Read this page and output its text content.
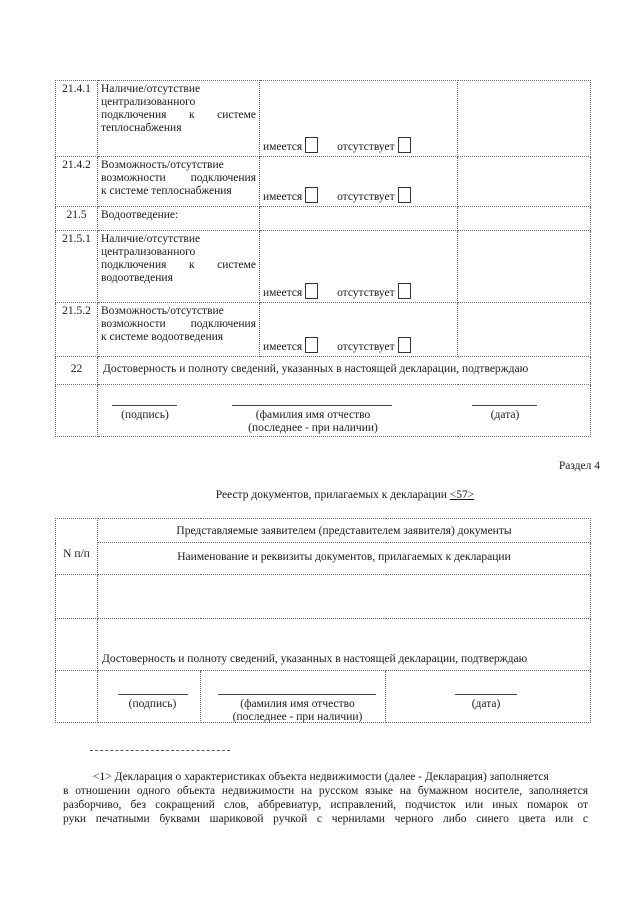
21.4.1	Наличие/отсутствие
централизованного
подключения к системе
теплоснабжения	имеется отсутствует	
21.4.2	Возможность/отсутствие
возможности подключения
к системе теплоснабжения	имеется отсутствует	
21.5	Водоотведение:		
21.5.1	Наличие/отсутствие
централизованного
подключения к системе
водоотведения	имеется отсутствует	
21.5.2	Возможность/отсутствие
возможности подключения
к системе водоотведения	имеется отсутствует	
22	Достоверность и полноту сведений, указанных в настоящей декларации, подтверждаю		

(подпись)	(фамилия имя отчество
(последнее - при наличии)
(дата)
Раздел 4
Реестр документов, прилагаемых к декларации <57>
N п/п	Представляемые заявителем (представителем заявителя) документы		
	Наименование и реквизиты документов, прилагаемых к декларации		

	Достоверность и полноту сведений, указанных в настоящей декларации, подтверждаю		

(подпись)	(фамилия имя отчество
(последнее - при наличии)
(дата)

<1> Декларация о характеристиках объекта недвижимости (далее - Декларация) заполняется

в отношении одного объекта недвижимости на русском языке на бумажном носителе, заполняется
разборчиво, без сокращений слов, аббревиатур, исправлений, подчисток или иных помарок от
руки печатными буквами шариковой ручкой с чернилами черного либо синего цвета или с
